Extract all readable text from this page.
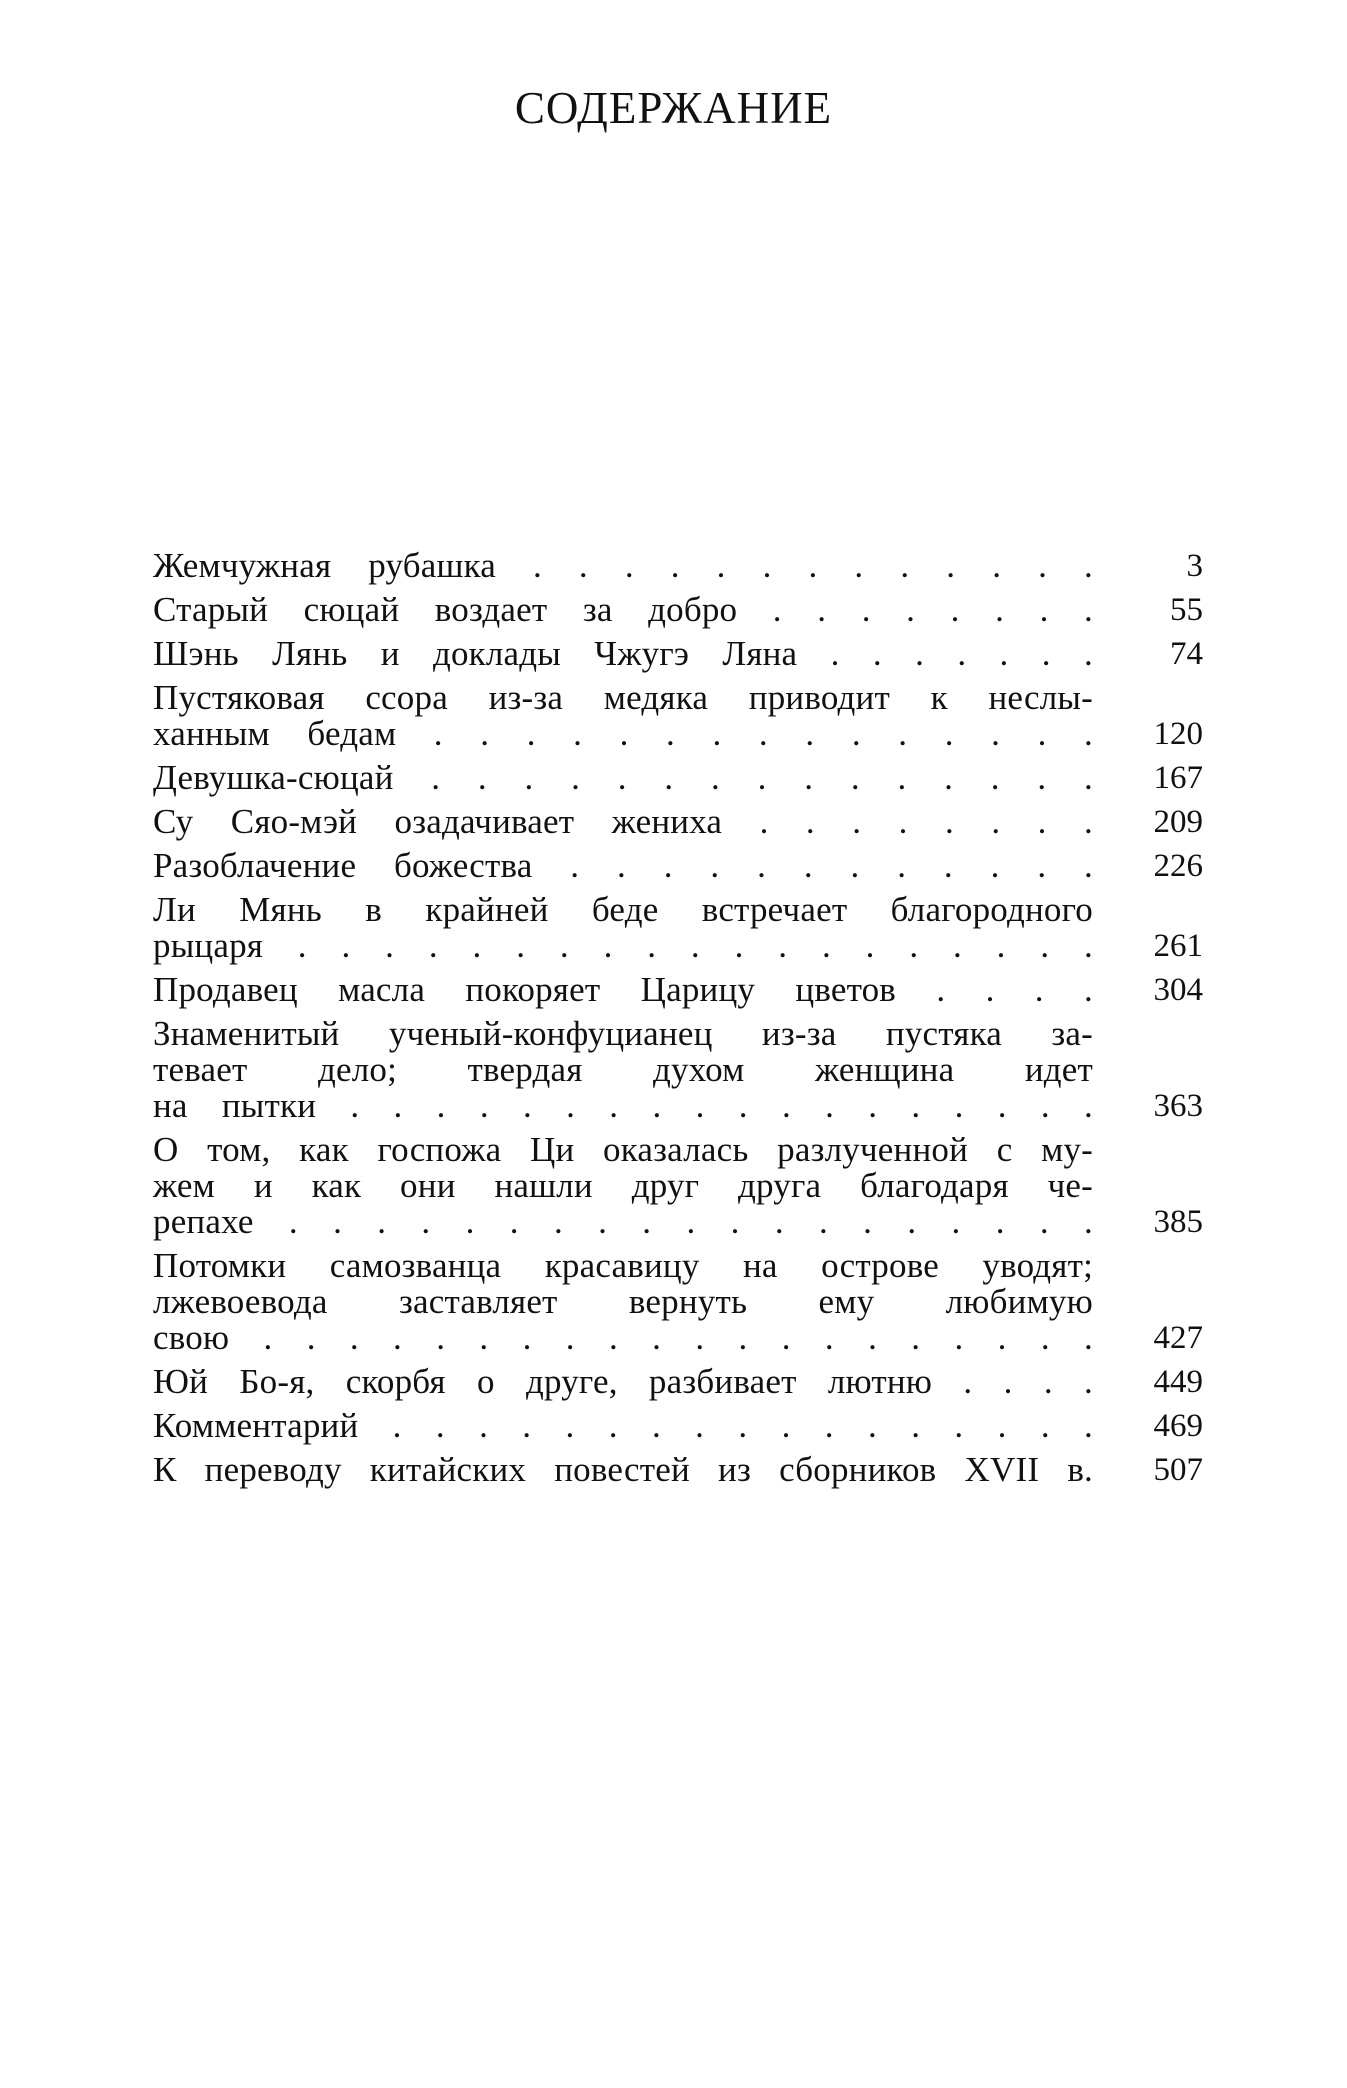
СОДЕРЖАНИЕ
Жемчужная рубашка . . . . . . . . . . . . .	3
Старый сюцай воздает за добро . . . . . . . .	55
Шэнь Лянь и доклады Чжугэ Ляна . . . . . . .	74
Пустяковая ссора из-за медяка приводит к неслы-
ханным бедам . . . . . . . . . . . . . . .	120
Девушка-сюцай . . . . . . . . . . . . . . .	167
Су Сяо-мэй озадачивает жениха . . . . . . . .	209
Разоблачение божества . . . . . . . . . . . .	226
Ли Мянь в крайней беде встречает благородного
рыцаря . . . . . . . . . . . . . . . . . . .	261
Продавец масла покоряет Царицу цветов . . . .	304
Знаменитый ученый-конфуцианец из-за пустяка за-
тевает дело; твердая духом женщина идет
на пытки . . . . . . . . . . . . . . . . . .	363
О том, как госпожа Ци оказалась разлученной с му-
жем и как они нашли друг друга благодаря че-
репахе . . . . . . . . . . . . . . . . . . .	385
Потомки самозванца красавицу на острове уводят;
лжевоевода заставляет вернуть ему любимую
свою . . . . . . . . . . . . . . . . . . . .	427
Юй Бо-я, скорбя о друге, разбивает лютню . . . .	449
Комментарий . . . . . . . . . . . . . . . . .	469
К переводу китайских повестей из сборников XVII в.	507
